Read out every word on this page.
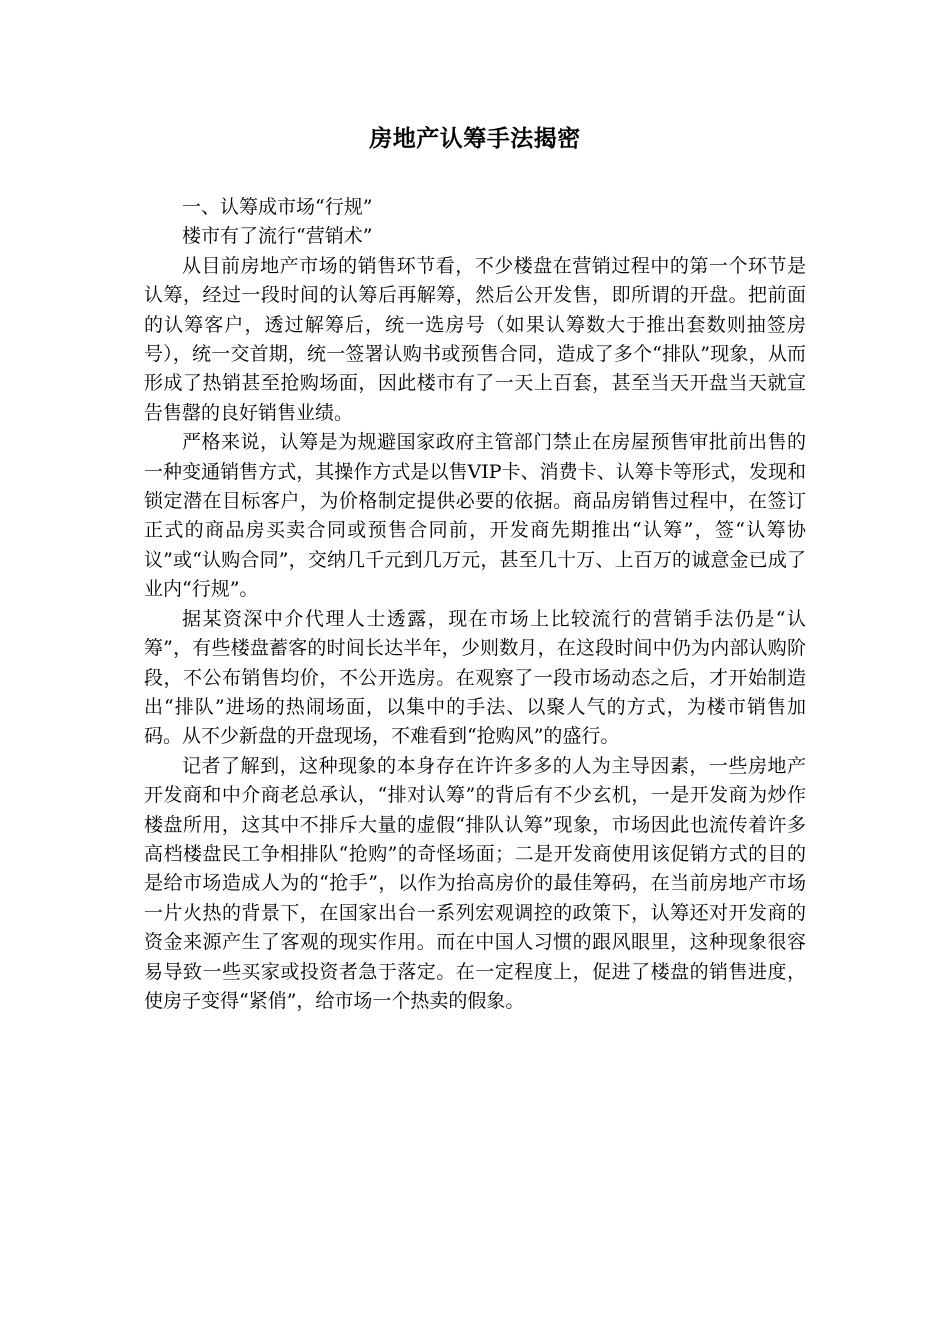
房地产认筹手法揭密

一、认筹成市场“行规”

楼市有了流行“营销术”

从目前房地产市场的销售环节看，不少楼盘在营销过程中的第一个环节是认筹，经过一段时间的认筹后再解筹，然后公开发售，即所谓的开盘。把前面的认筹客户，透过解筹后，统一选房号（如果认筹数大于推出套数则抽签房号），统一交首期，统一签署认购书或预售合同，造成了多个“排队”现象，从而形成了热销甚至抢购场面，因此楼市有了一天上百套，甚至当天开盘当天就宣告售罄的良好销售业绩。

严格来说，认筹是为规避国家政府主管部门禁止在房屋预售审批前出售的一种变通销售方式，其操作方式是以售VIP卡、消费卡、认筹卡等形式，发现和锁定潜在目标客户，为价格制定提供必要的依据。商品房销售过程中，在签订正式的商品房买卖合同或预售合同前，开发商先期推出“认筹”，签“认筹协议”或“认购合同”，交纳几千元到几万元，甚至几十万、上百万的诚意金已成了业内“行规”。

据某资深中介代理人士透露，现在市场上比较流行的营销手法仍是“认筹”，有些楼盘蓄客的时间长达半年，少则数月，在这段时间中仍为内部认购阶段，不公布销售均价，不公开选房。在观察了一段市场动态之后，才开始制造出“排队”进场的热闹场面，以集中的手法、以聚人气的方式，为楼市销售加码。从不少新盘的开盘现场，不难看到“抢购风”的盛行。

记者了解到，这种现象的本身存在许许多多的人为主导因素，一些房地产开发商和中介商老总承认，“排对认筹”的背后有不少玄机，一是开发商为炒作楼盘所用，这其中不排斥大量的虚假“排队认筹”现象，市场因此也流传着许多高档楼盘民工争相排队“抢购”的奇怪场面；二是开发商使用该促销方式的目的是给市场造成人为的“抢手”，以作为抬高房价的最佳筹码，在当前房地产市场一片火热的背景下，在国家出台一系列宏观调控的政策下，认筹还对开发商的资金来源产生了客观的现实作用。而在中国人习惯的跟风眼里，这种现象很容易导致一些买家或投资者急于落定。在一定程度上，促进了楼盘的销售进度，使房子变得“紧俏”，给市场一个热卖的假象。
